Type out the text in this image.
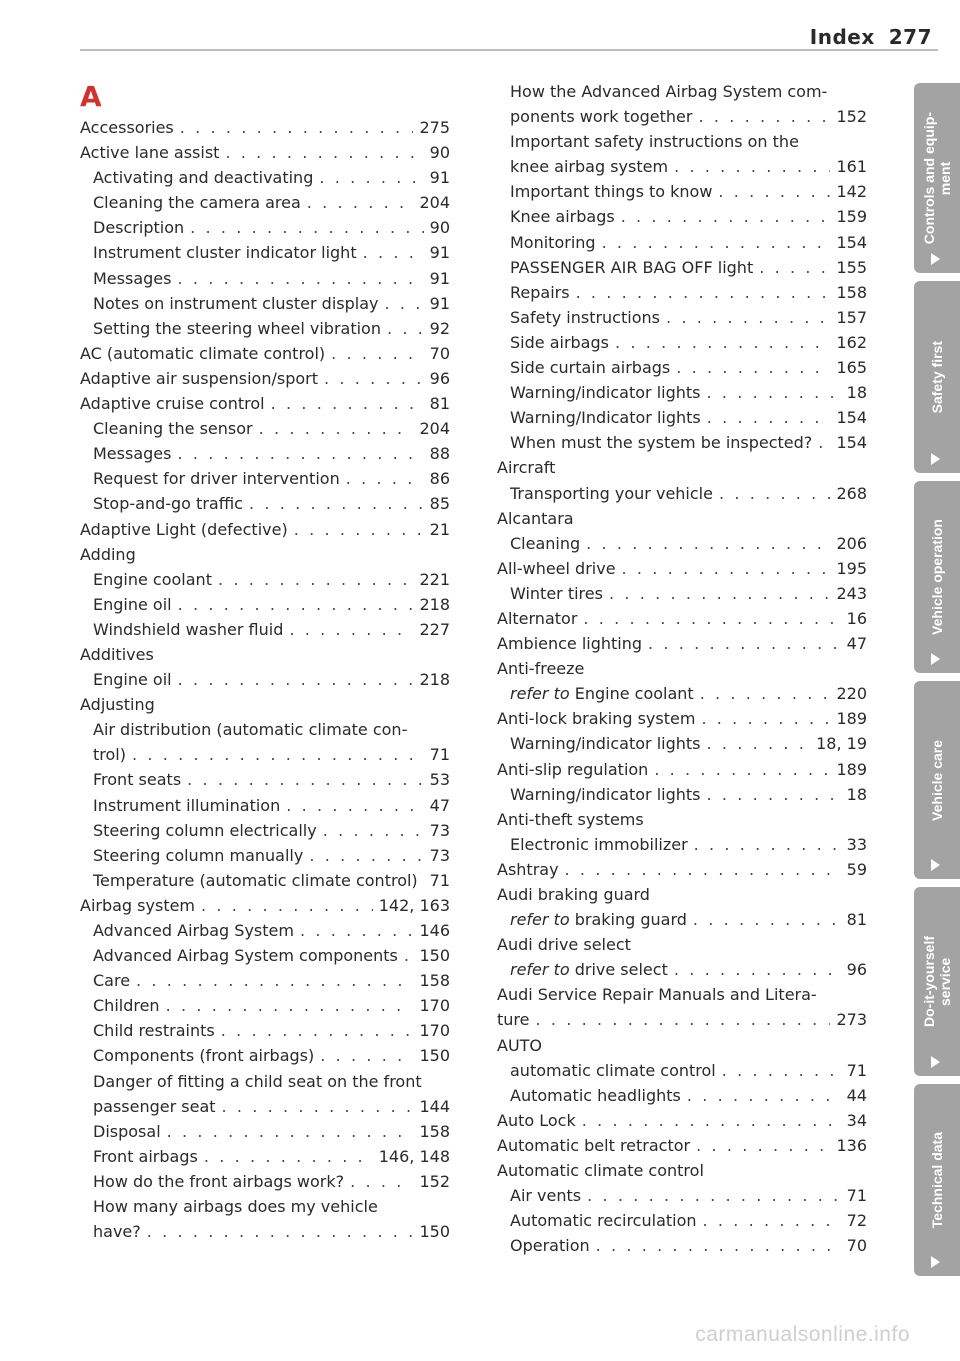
Index 277
A
Accessories . . .	275
Active lane assist . . .	90
Activating and deactivating . . .	91
Cleaning the camera area . . .	204
Description . . .	90
Instrument cluster indicator light . . .	91
Messages . . .	91
Notes on instrument cluster display . . .	91
Setting the steering wheel vibration . . .	92
AC (automatic climate control) . . .	70
Adaptive air suspension/sport . . .	96
Adaptive cruise control . . .	81
Cleaning the sensor . . .	204
Messages . . .	88
Request for driver intervention . . .	86
Stop-and-go traffic . . .	85
Adaptive Light (defective) . . .	21
Adding
Engine coolant . . .	221
Engine oil . . .	218
Windshield washer fluid . . .	227
Additives
Engine oil . . .	218
Adjusting
Air distribution (automatic climate con-
trol) . . .	71
Front seats . . .	53
Instrument illumination . . .	47
Steering column electrically . . .	73
Steering column manually . . .	73
Temperature (automatic climate control) 71
Airbag system . . .	142, 163
Advanced Airbag System . . .	146
Advanced Airbag System components . . . 150
Care . . .	158
Children . . .	170
Child restraints . . .	170
Components (front airbags) . . .	150
Danger of fitting a child seat on the front
passenger seat . . .	144
Disposal . . .	158
Front airbags . . .	146, 148
How do the front airbags work? . . .	152
How many airbags does my vehicle
have? . . .	150
How the Advanced Airbag System com-
ponents work together . . .	152
Important safety instructions on the
knee airbag system . . .	161
Important things to know . . .	142
Knee airbags . . .	159
Monitoring . . .	154
PASSENGER AIR BAG OFF light . . .	155
Repairs . . .	158
Safety instructions . . .	157
Side airbags . . .	162
Side curtain airbags . . .	165
Warning/indicator lights . . .	18
Warning/Indicator lights . . .	154
When must the system be inspected? . . . 154
Aircraft
Transporting your vehicle . . .	268
Alcantara
Cleaning . . .	206
All-wheel drive . . .	195
Winter tires . . .	243
Alternator . . .	16
Ambience lighting . . .	47
Anti-freeze
refer to Engine coolant . . .	220
Anti-lock braking system . . .	189
Warning/indicator lights . . .	18, 19
Anti-slip regulation . . .	189
Warning/indicator lights . . .	18
Anti-theft systems
Electronic immobilizer . . .	33
Ashtray . . .	59
Audi braking guard
refer to braking guard . . .	81
Audi drive select
refer to drive select . . .	96
Audi Service Repair Manuals and Litera-
ture . . .	273
AUTO
automatic climate control . . .	71
Automatic headlights . . .	44
Auto Lock . . .	34
Automatic belt retractor . . .	136
Automatic climate control
Air vents . . .	71
Automatic recirculation . . .	72
Operation . . .	70
Controls and equip-
ment
Safety first
Vehicle operation
Vehicle care
Do-it-yourself
service
Technical data
carmanualsonline.info
